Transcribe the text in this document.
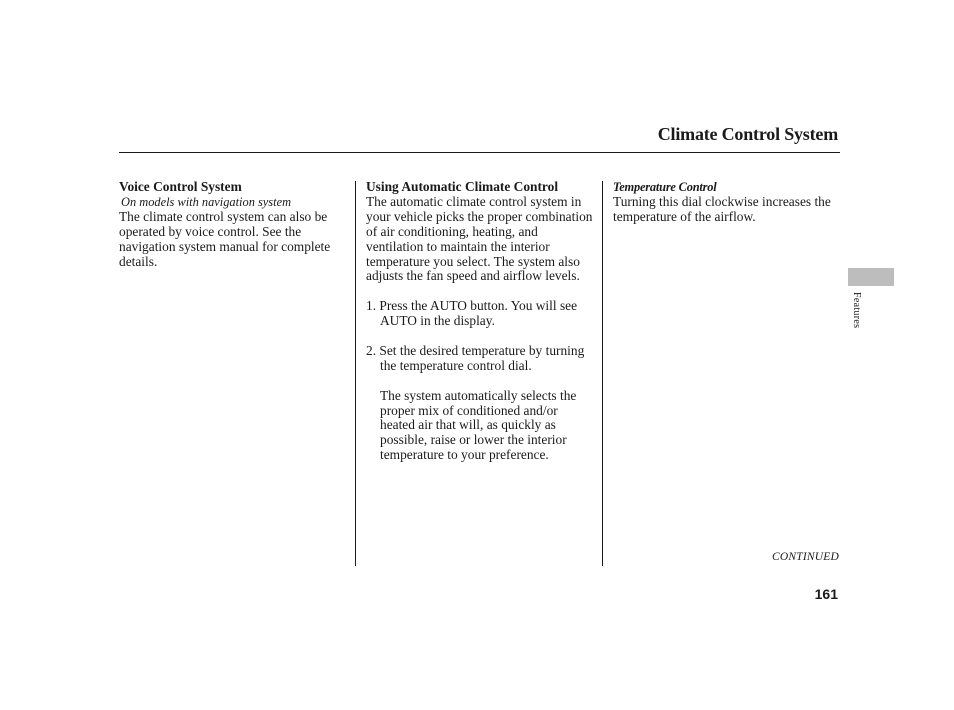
Climate Control System

Voice Control System

On models with navigation system

The climate control system can also be operated by voice control. See the navigation system manual for complete details.

Using Automatic Climate Control

The automatic climate control system in your vehicle picks the proper combination of air conditioning, heating, and ventilation to maintain the interior temperature you select. The system also adjusts the fan speed and airflow levels.

1. Press the AUTO button. You will see AUTO in the display.

2. Set the desired temperature by turning the temperature control dial.

The system automatically selects the proper mix of conditioned and/or heated air that will, as quickly as possible, raise or lower the interior temperature to your preference.

Temperature Control

Turning this dial clockwise increases the temperature of the airflow.

Features
CONTINUED
161
